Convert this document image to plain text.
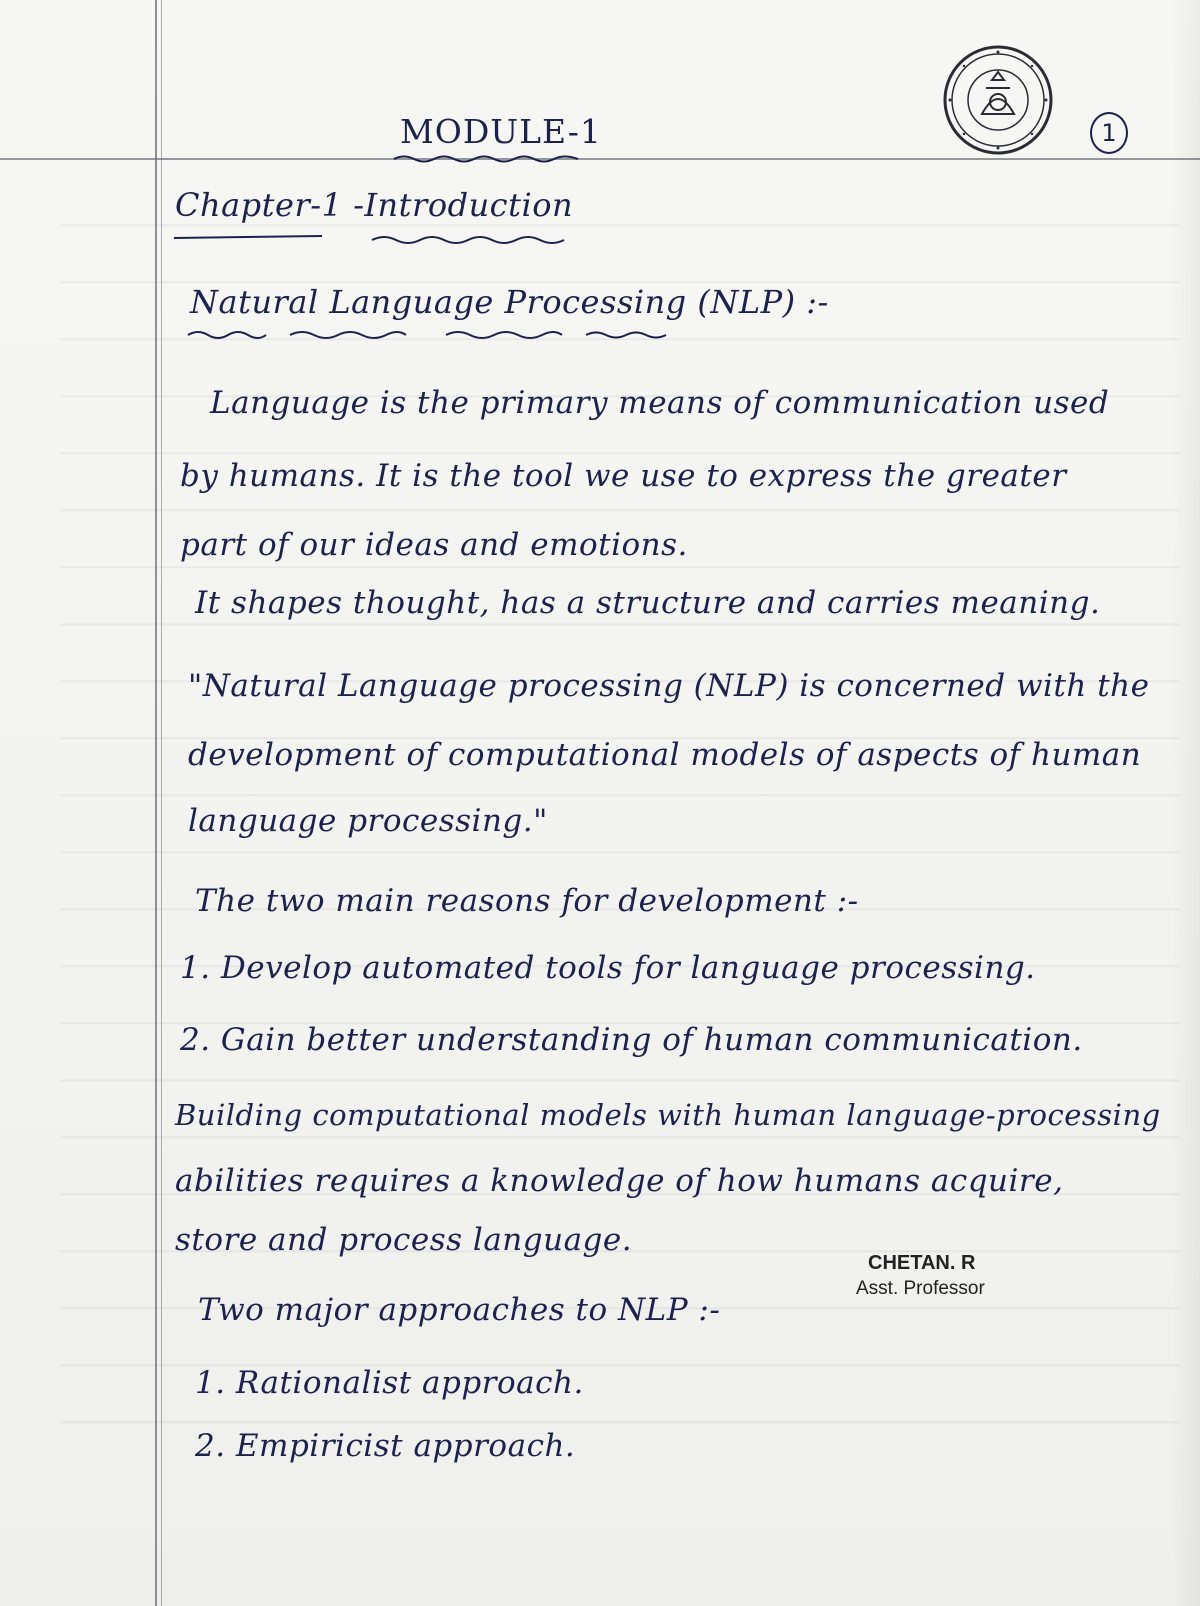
1
MODULE-1
Chapter-1 -Introduction
Natural Language Processing (NLP) :-
Language is the primary means of communication used
by humans. It is the tool we use to express the greater
part of our ideas and emotions.
It shapes thought, has a structure and carries meaning.
"Natural Language processing (NLP) is concerned with the
development of computational models of aspects of human
language processing."
The two main reasons for development :-
1. Develop automated tools for language processing.
2. Gain better understanding of human communication.
Building computational models with human language-processing
abilities requires a knowledge of how humans acquire,
store and process language.
CHETAN. R
Asst. Professor
Two major approaches to NLP :-
1. Rationalist approach.
2. Empiricist approach.
